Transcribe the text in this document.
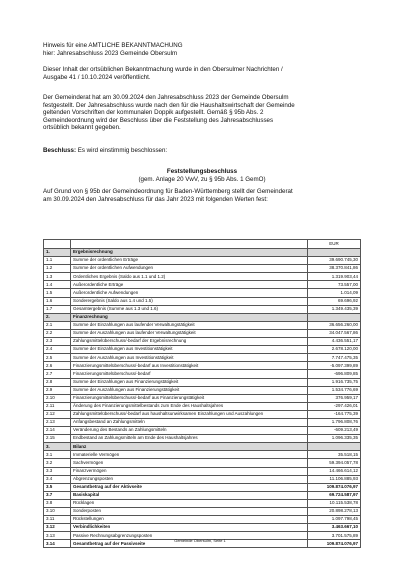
Hinweis für eine AMTLICHE BEKANNTMACHUNG

hier: Jahresabschluss 2023 Gemeinde Obersulm

Dieser Inhalt der ortsüblichen Bekanntmachung wurde in den Obersulmer Nachrichten /

Ausgabe 41 / 10.10.2024 veröffentlicht.

Der Gemeinderat hat am 30.09.2024 den Jahresabschluss 2023 der Gemeinde Obersulm

festgestellt. Der Jahresabschluss wurde nach den für die Haushaltswirtschaft der Gemeinde

geltenden Vorschriften der kommunalen Doppik aufgestellt. Gemäß § 95b Abs. 2

Gemeindeordnung wird der Beschluss über die Feststellung des Jahresabschlusses

ortsüblich bekannt gegeben.

Beschluss: Es wird einstimmig beschlossen:

Feststellungsbeschluss

(gem. Anlage 20 VwV, zu § 95b Abs. 1 GemO)

Auf Grund von § 95b der Gemeindeordnung für Baden-Württemberg stellt der Gemeinderat

am 30.09.2024 den Jahresabschluss für das Jahr 2023 mit folgenden Werten fest:

		EUR
1.	Ergebnisrechnung	
1.1	Summe der ordentlichen Erträge	39.690.745,30
1.2	Summe der ordentlichen Aufwendungen	38.370.841,86
1.3	Ordentliches Ergebnis (Saldo aus 1.1 und 1.2)	1.319.903,44
1.4	Außerordentliche Erträge	73.557,00
1.5	Außerordentliche Aufwendungen	1.014,09
1.6	Sonderergebnis (Saldo aus 1.4 und 1.5)	69.696,92
1.7	Gesamtergebnis (Summe aus 1.3 und 1.6)	1.349.435,39
2.	Finanzrechnung	
2.1	Summe der Einzahlungen aus laufender Verwaltungstätigkeit	36.656.260,00
2.2	Summe der Auszahlungen aus laufender Verwaltungstätigkeit	34.047.567,86
2.3	Zahlungsmittelüberschuss/-bedarf der Ergebnisrechnung	4.436.551,17
2.4	Summe der Einzahlungen aus Investitionstätigkeit	2.678.120,00
2.5	Summe der Auszahlungen aus Investitionstätigkeit	7.747.475,35
2.6	Finanzierungsmittelüberschuss/-bedarf aus Investitionstätigkeit	-5.097.399,89
2.7	Finanzierungsmittelüberschuss/-bedarf	-696.809,85
2.8	Summe der Einzahlungen aus Finanzierungstätigkeit	1.916.735,75
2.9	Summe der Auszahlungen aus Finanzierungstätigkeit	1.534.776,69
2.10	Finanzierungsmittelüberschuss/-bedarf aus Finanzierungstätigkeit	376.959,17
2.11	Änderung des Finanzierungsmittelbestands zum Ende des Haushaltsjahres	-297.426,01
2.12	Zahlungsmittelüberschuss/-bedarf aus haushaltsunwirksamen Einzahlungen und Auszahlungen	-164.775,39
2.13	Anfangsbestand an Zahlungsmitteln	1.796.808,76
2.14	Veränderung des Bestands an Zahlungsmitteln	-609.213,49
2.15	Endbestand an Zahlungsmitteln am Ende des Haushaltsjahres	1.096.335,35
3.	Bilanz	
3.1	Immaterielle Vermögen	35.518,15
3.2	Sachvermögen	59.394.057,78
3.3	Finanzvermögen	14.466.614,12
3.4	Abgrenzungsposten	11.106.885,93
3.5	Gesamtbetrag auf der Aktivseite	109.874.076,97
3.7	Basiskapital	69.724.587,97
3.8	Rücklagen	10.115.538,78
3.10	Sonderposten	20.898.278,13
3.11	Rückstellungen	1.097.798,45
3.12	Verbindlichkeiten	3.463.667,10
3.13	Passive Rechnungsabgrenzungsposten	3.701.575,89
3.14	Gesamtbetrag auf der Passivseite	109.874.076,97
Gemeinde Obersulm, Seite 1
